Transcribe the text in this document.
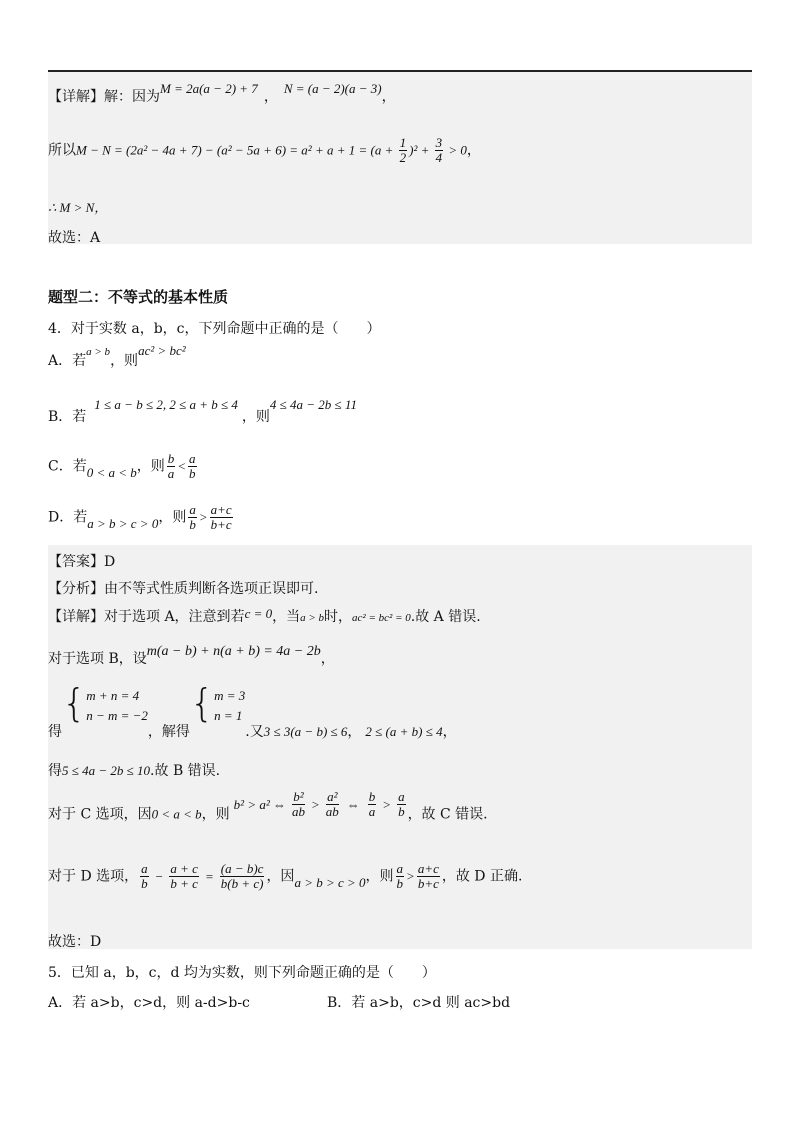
【详解】解：因为M = 2a(a − 2) + 7，N = (a − 2)(a − 3)，
所以$M - N = (2a^2 - 4a + 7) - (a^2 - 5a + 6) = a^2 + a + 1 = (a + \frac{1}{2} )^2 + \frac{3}{4} > 0$，
∴ M > N，
故选：A
题型二：不等式的基本性质
4．对于实数 a，b，c，下列命题中正确的是（　　）
A．若$^{a > b}$，则ac² > bc²
B．若1 ≤ a − b ≤ 2, 2 ≤ a + b ≤ 4，则4 ≤ 4a − 2b ≤ 11
C．若0 < a < b，则 $\frac{b}{a} < \frac{a}{b}$
D．若a > b > c > 0，则 $\frac{a}{b} > \frac{a+c}{b+c}$
【答案】D
【分析】由不等式性质判断各选项正误即可.
【详解】对于选项 A，注意到若c = 0，当a > b时，ac² = bc² = 0.故 A 错误.
对于选项 B，设m(a − b) + n(a + b) = 4a − 2b，
得{ m + n = 4
n − m = −2
，解得{ m = 3
n = 1
.又3 ≤ 3(a − b) ≤ 6， 2 ≤ (a + b) ≤ 4，
得5 ≤ 4a − 2b ≤ 10.故 B 错误.
对于 C 选项，因0 < a < b，则b² > a² ⇔ $\frac{\text{b²}}{ab} > \frac{\text{a²}}{ab}$ ⇔ $\frac{b}{a} > \frac{a}{b}$ ，故 C 错误.
对于 D 选项， $\frac{a}{b} - \frac{a + c}{b + c} = \frac{(a - b)c}{b(b + c)}$ ，因a > b > c > 0，则 $\frac{a}{b} > \frac{a+c}{b+c}$ ，故 D 正确.
故选：D
5．已知 a，b，c，d 均为实数，则下列命题正确的是（　　）
A．若 a>b，c>d，则 a-d>b-c	B．若 a>b，c>d 则 ac>bd
